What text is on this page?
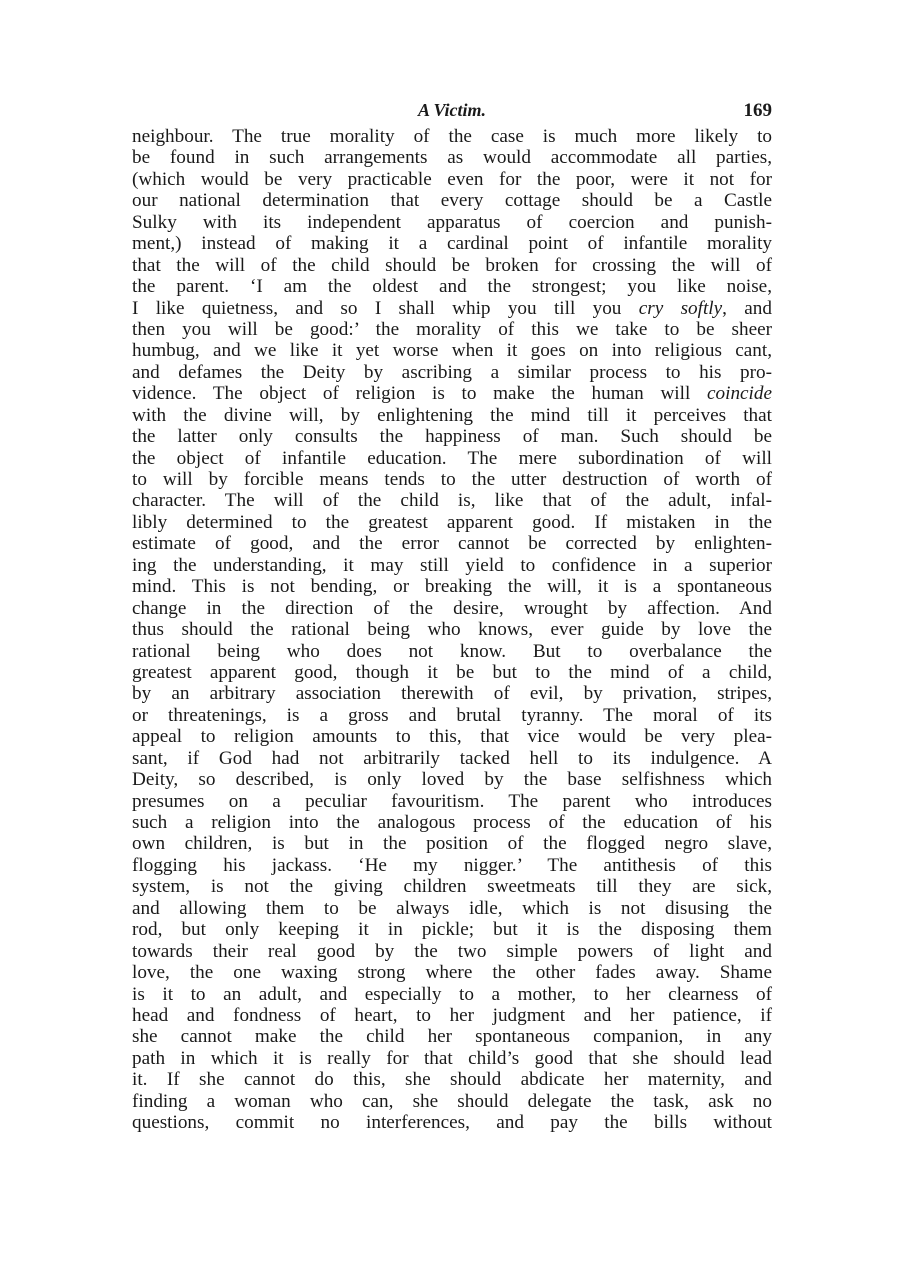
A Victim.	169
neighbour. The true morality of the case is much more likely to
be found in such arrangements as would accommodate all parties,
(which would be very practicable even for the poor, were it not for
our national determination that every cottage should be a Castle
Sulky with its independent apparatus of coercion and punish-
ment,) instead of making it a cardinal point of infantile morality
that the will of the child should be broken for crossing the will of
the parent. ‘I am the oldest and the strongest; you like noise,
I like quietness, and so I shall whip you till you cry softly, and
then you will be good:’ the morality of this we take to be sheer
humbug, and we like it yet worse when it goes on into religious cant,
and defames the Deity by ascribing a similar process to his pro-
vidence. The object of religion is to make the human will coincide
with the divine will, by enlightening the mind till it perceives that
the latter only consults the happiness of man. Such should be
the object of infantile education. The mere subordination of will
to will by forcible means tends to the utter destruction of worth of
character. The will of the child is, like that of the adult, infal-
libly determined to the greatest apparent good. If mistaken in the
estimate of good, and the error cannot be corrected by enlighten-
ing the understanding, it may still yield to confidence in a superior
mind. This is not bending, or breaking the will, it is a spontaneous
change in the direction of the desire, wrought by affection. And
thus should the rational being who knows, ever guide by love the
rational being who does not know. But to overbalance the
greatest apparent good, though it be but to the mind of a child,
by an arbitrary association therewith of evil, by privation, stripes,
or threatenings, is a gross and brutal tyranny. The moral of its
appeal to religion amounts to this, that vice would be very plea-
sant, if God had not arbitrarily tacked hell to its indulgence. A
Deity, so described, is only loved by the base selfishness which
presumes on a peculiar favouritism. The parent who introduces
such a religion into the analogous process of the education of his
own children, is but in the position of the flogged negro slave,
flogging his jackass. ‘He my nigger.’ The antithesis of this
system, is not the giving children sweetmeats till they are sick,
and allowing them to be always idle, which is not disusing the
rod, but only keeping it in pickle; but it is the disposing them
towards their real good by the two simple powers of light and
love, the one waxing strong where the other fades away. Shame
is it to an adult, and especially to a mother, to her clearness of
head and fondness of heart, to her judgment and her patience, if
she cannot make the child her spontaneous companion, in any
path in which it is really for that child’s good that she should lead
it. If she cannot do this, she should abdicate her maternity, and
finding a woman who can, she should delegate the task, ask no
questions, commit no interferences, and pay the bills without
